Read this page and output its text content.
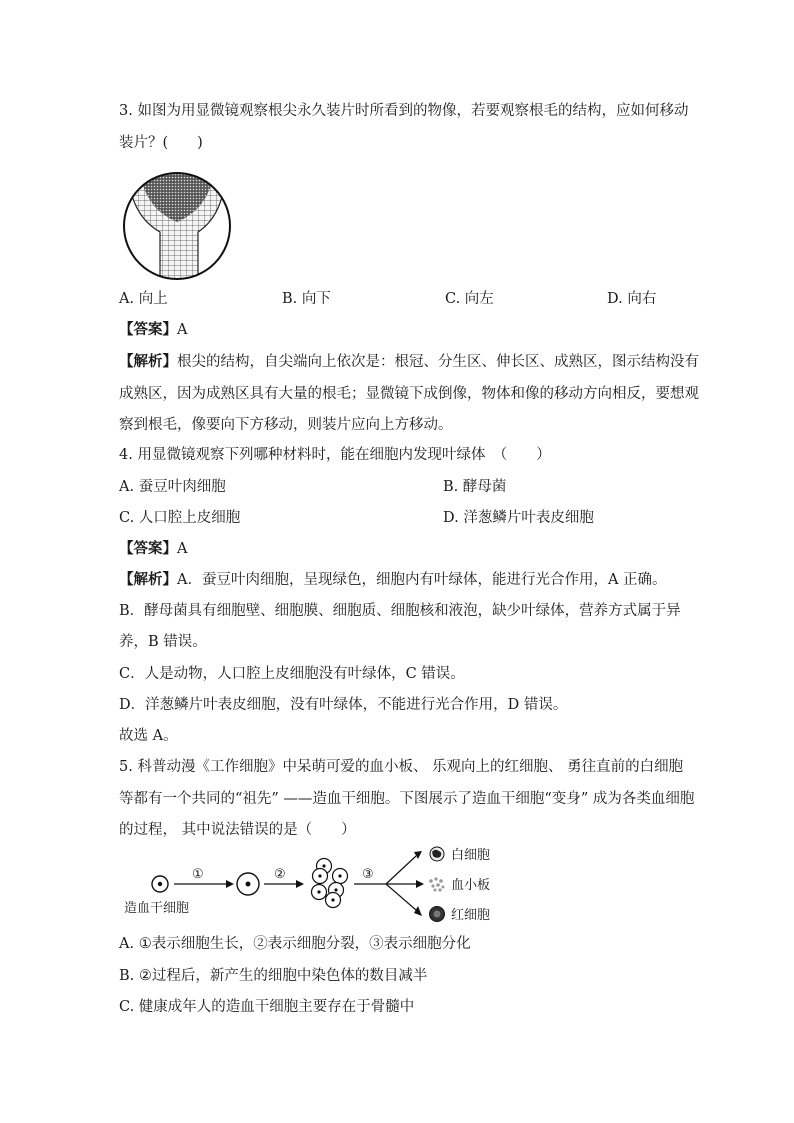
3. 如图为用显微镜观察根尖永久装片时所看到的物像，若要观察根毛的结构，应如何移动
装片？(　　)
A. 向上	B. 向下	C. 向左	D. 向右
【答案】A
【解析】根尖的结构，自尖端向上依次是：根冠、分生区、伸长区、成熟区，图示结构没有
成熟区，因为成熟区具有大量的根毛；显微镜下成倒像，物体和像的移动方向相反，要想观
察到根毛，像要向下方移动，则装片应向上方移动。
4. 用显微镜观察下列哪种材料时，能在细胞内发现叶绿体　（　　）
A. 蚕豆叶肉细胞	B. 酵母菌
C. 人口腔上皮细胞	D. 洋葱鳞片叶表皮细胞
【答案】A
【解析】A．蚕豆叶肉细胞，呈现绿色，细胞内有叶绿体，能进行光合作用，A 正确。
B．酵母菌具有细胞壁、细胞膜、细胞质、细胞核和液泡，缺少叶绿体，营养方式属于异
养，B 错误。
C．人是动物，人口腔上皮细胞没有叶绿体，C 错误。
D．洋葱鳞片叶表皮细胞，没有叶绿体，不能进行光合作用，D 错误。
故选 A。
5. 科普动漫《工作细胞》中呆萌可爱的血小板、 乐观向上的红细胞、 勇往直前的白细胞
等都有一个共同的“祖先” ——造血干细胞。下图展示了造血干细胞“变身” 成为各类血细胞
的过程， 其中说法错误的是（　　）
造血干细胞
①	②	③
白细胞
血小板
红细胞
A. ①表示细胞生长，②表示细胞分裂，③表示细胞分化
B. ②过程后，新产生的细胞中染色体的数目减半
C. 健康成年人的造血干细胞主要存在于骨髓中
